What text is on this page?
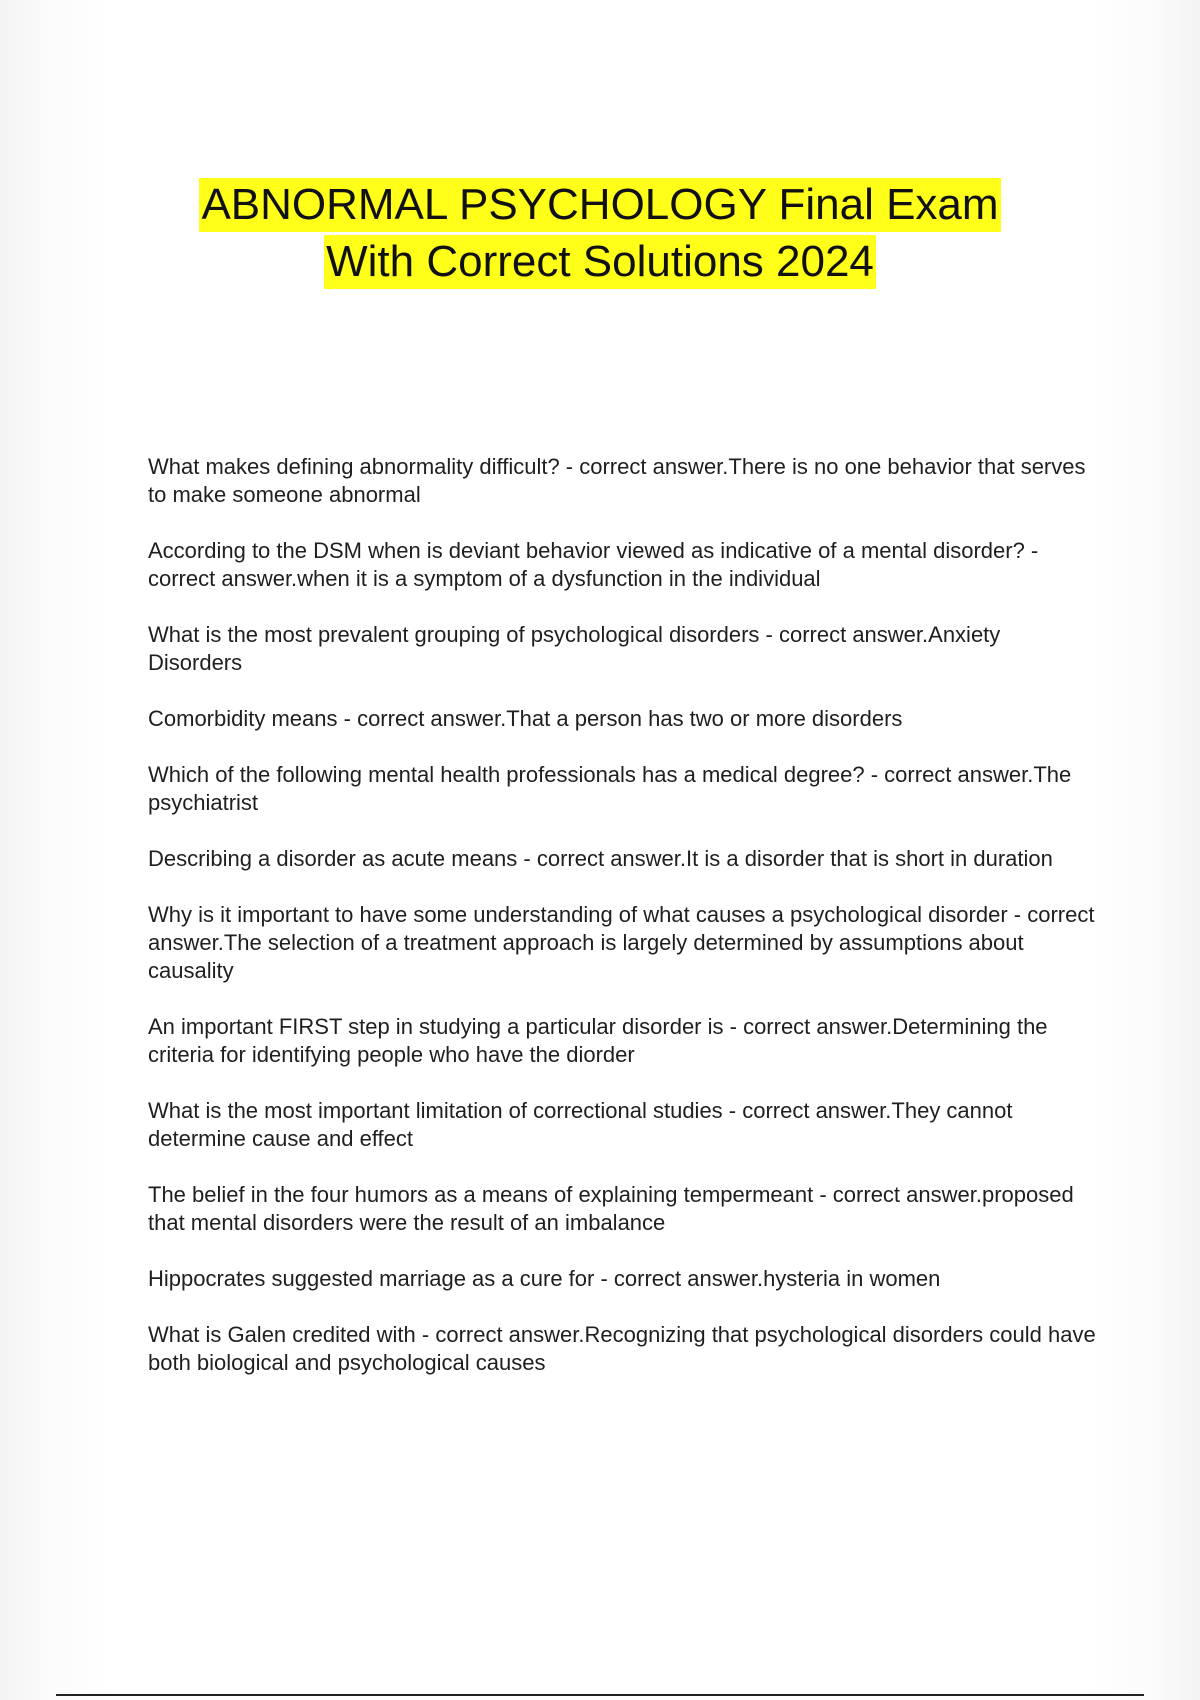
ABNORMAL PSYCHOLOGY Final Exam
With Correct Solutions 2024
What makes defining abnormality difficult? - correct answer.There is no one behavior that serves to make someone abnormal
According to the DSM when is deviant behavior viewed as indicative of a mental disorder? - correct answer.when it is a symptom of a dysfunction in the individual
What is the most prevalent grouping of psychological disorders - correct answer.Anxiety Disorders
Comorbidity means - correct answer.That a person has two or more disorders
Which of the following mental health professionals has a medical degree? - correct answer.The psychiatrist
Describing a disorder as acute means - correct answer.It is a disorder that is short in duration
Why is it important to have some understanding of what causes a psychological disorder - correct answer.The selection of a treatment approach is largely determined by assumptions about causality
An important FIRST step in studying a particular disorder is - correct answer.Determining the criteria for identifying people who have the diorder
What is the most important limitation of correctional studies - correct answer.They cannot determine cause and effect
The belief in the four humors as a means of explaining tempermeant - correct answer.proposed that mental disorders were the result of an imbalance
Hippocrates suggested marriage as a cure for - correct answer.hysteria in women
What is Galen credited with - correct answer.Recognizing that psychological disorders could have both biological and psychological causes
